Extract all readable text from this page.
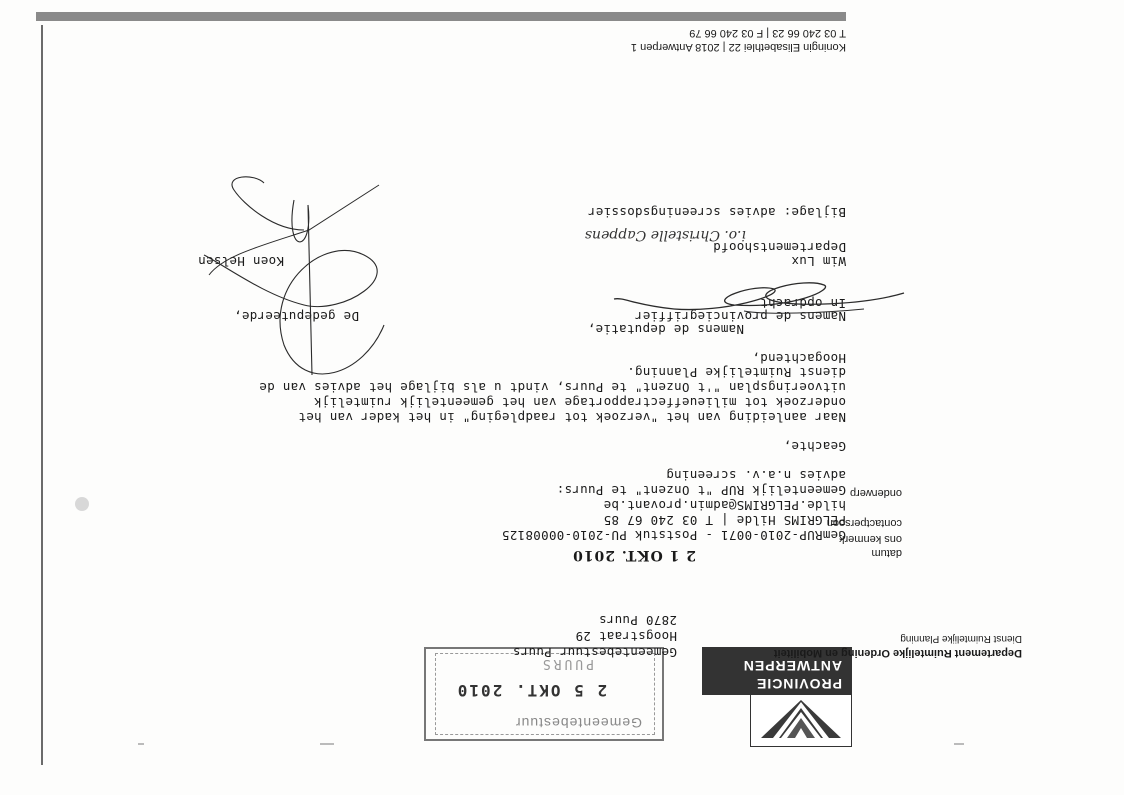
PROVINCIE
ANTWERPEN
Gemeentebestuur
2 5 OKT. 2010
PUURS
Departement Ruimtelijke Ordening en Mobiliteit
Dienst Ruimtelijke Planning
Gemeentebestuur Puurs
Hoogstraat 29
2870 Puurs
datum
ons kenmerk
contactpersoon
onderwerp
2 1 OKT. 2010
GemRUP-2010-0071 - Poststuk PU-2010-00008125
PELGRIMS Hilde | T 03 240 67 85
hilde.PELGRIMS@admin.provant.be
Gemeentelijk RUP "t Onzent" te Puurs:
advies n.a.v. screening
Geachte,
Naar aanleiding van het "verzoek tot raadpleging" in het kader van het
onderzoek tot milieueffectrapportage van het gemeentelijk ruimtelijk
uitvoeringsplan "'t Onzent" te Puurs, vindt u als bijlage het advies van de
dienst Ruimtelijke Planning.
Hoogachtend,
Namens de deputatie,
Namens de provinciegriffier
De gedeputeerde,
In opdracht
Wim Lux
Koen Helsen
Departementshoofd
i.o. Christelle Cappens
Bijlage: advies screeningsdossier
Koningin Elisabethlei 22 | 2018 Antwerpen 1
T 03 240 66 23 | F 03 240 66 79
